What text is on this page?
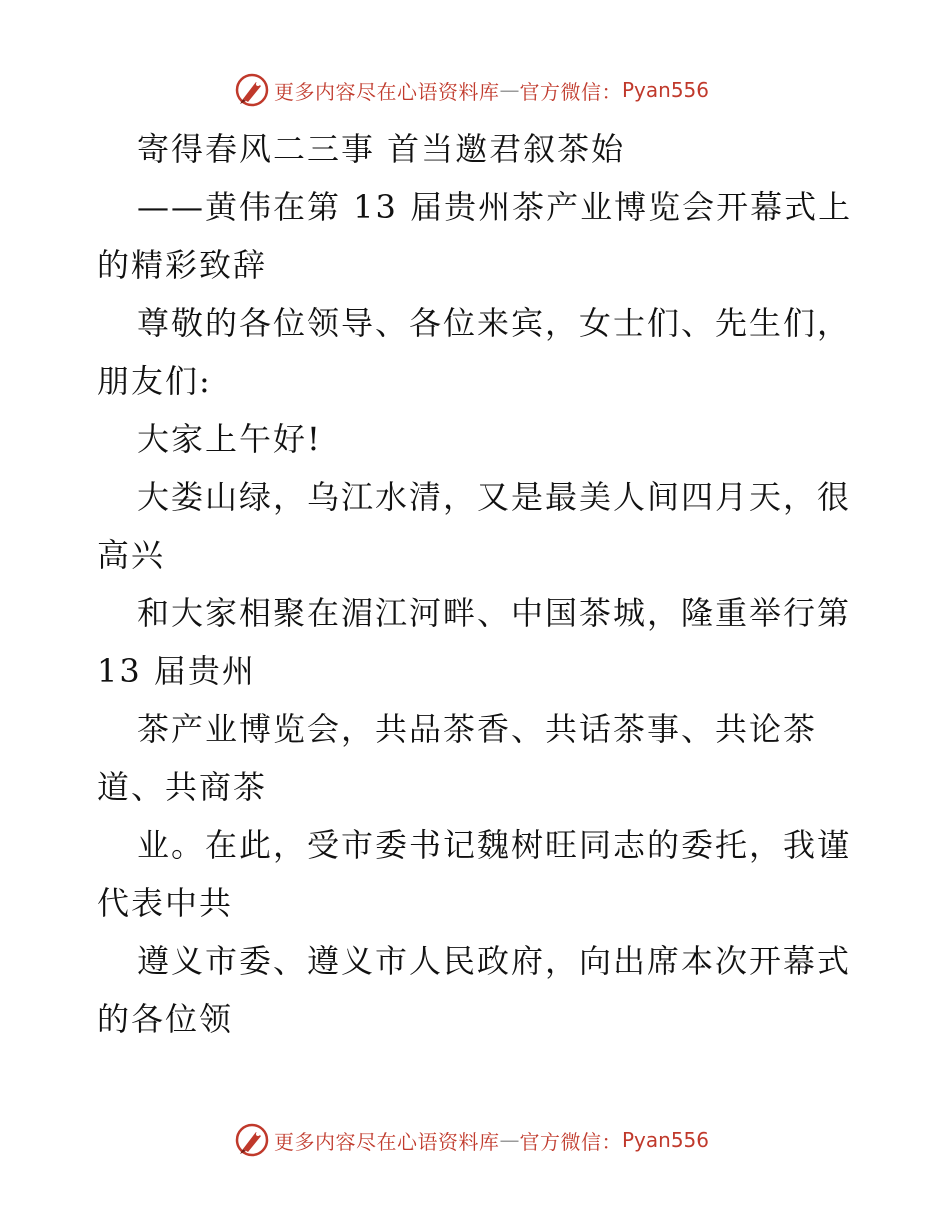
更多内容尽在心语资料库 — 官方微信： Pyan556
寄得春风二三事 首当邀君叙茶始
——黄伟在第 13 届贵州茶产业博览会开幕式上
的精彩致辞
尊敬的各位领导、各位来宾，女士们、先生们，
朋友们:
大家上午好!
大娄山绿，乌江水清，又是最美人间四月天，很
高兴
和大家相聚在湄江河畔、中国茶城，隆重举行第
13 届贵州
茶产业博览会，共品茶香、共话茶事、共论茶
道、共商茶
业。在此，受市委书记魏树旺同志的委托，我谨
代表中共
遵义市委、遵义市人民政府，向出席本次开幕式
的各位领
更多内容尽在心语资料库 — 官方微信： Pyan556
